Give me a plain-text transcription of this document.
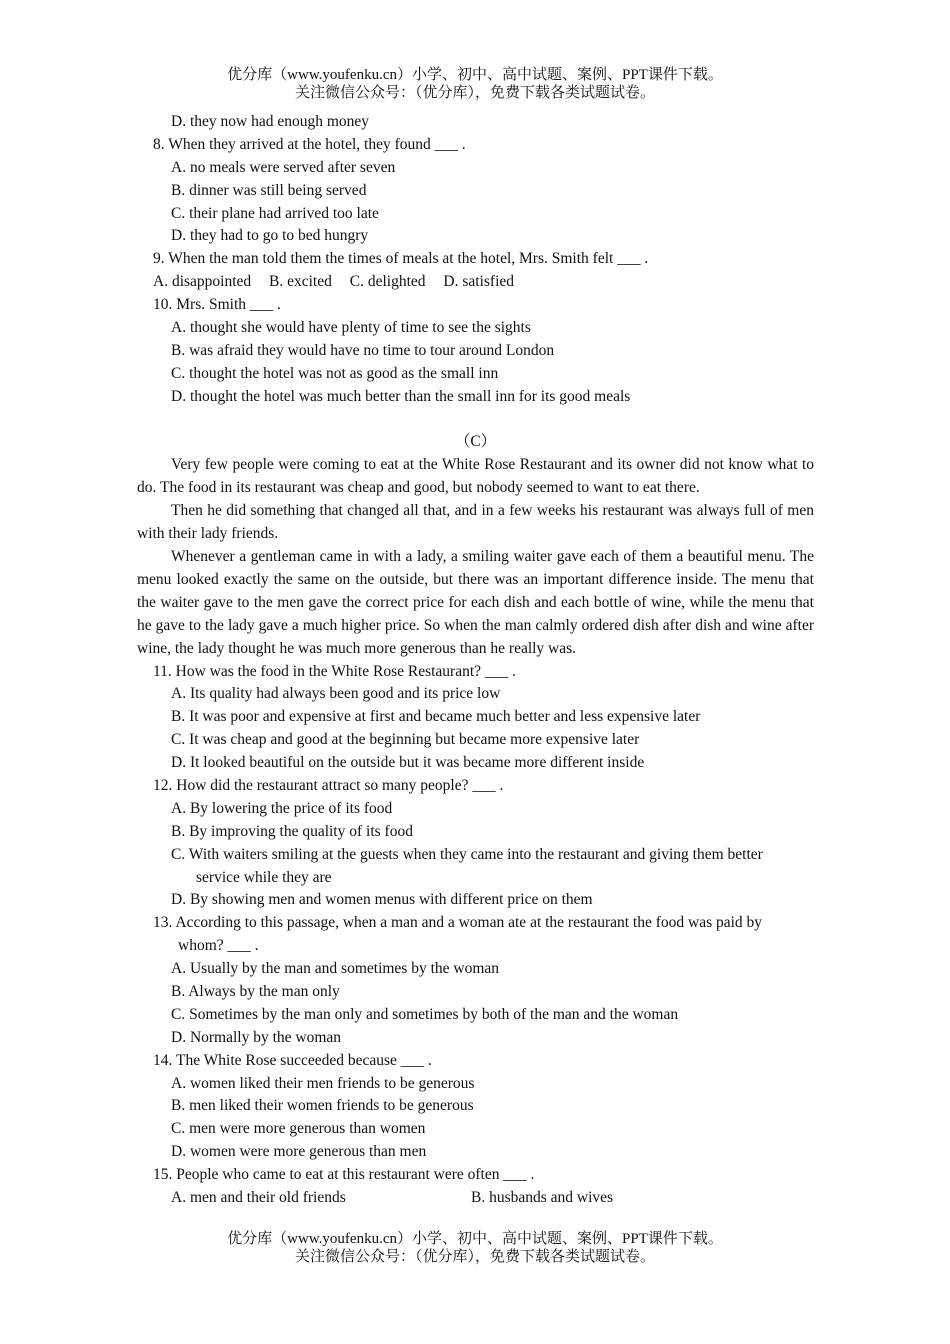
优分库（www.youfenku.cn）小学、初中、高中试题、案例、PPT课件下载。
关注微信公众号：（优分库），免费下载各类试题试卷。
D. they now had enough money
8. When they arrived at the hotel, they found ___ .
A. no meals were served after seven
B. dinner was still being served
C. their plane had arrived too late
D. they had to go to bed hungry
9. When the man told them the times of meals at the hotel, Mrs. Smith felt ___ .
A. disappointed B. excited C. delighted D. satisfied
10. Mrs. Smith ___ .
A. thought she would have plenty of time to see the sights
B. was afraid they would have no time to tour around London
C. thought the hotel was not as good as the small inn
D. thought the hotel was much better than the small inn for its good meals
（C）

Very few people were coming to eat at the White Rose Restaurant and its owner did not know what to do. The food in its restaurant was cheap and good, but nobody seemed to want to eat there.

Then he did something that changed all that, and in a few weeks his restaurant was always full of men with their lady friends.

Whenever a gentleman came in with a lady, a smiling waiter gave each of them a beautiful menu. The menu looked exactly the same on the outside, but there was an important difference inside. The menu that the waiter gave to the men gave the correct price for each dish and each bottle of wine, while the menu that he gave to the lady gave a much higher price. So when the man calmly ordered dish after dish and wine after wine, the lady thought he was much more generous than he really was.

11. How was the food in the White Rose Restaurant? ___ .
A. Its quality had always been good and its price low
B. It was poor and expensive at first and became much better and less expensive later
C. It was cheap and good at the beginning but became more expensive later
D. It looked beautiful on the outside but it was became more different inside
12. How did the restaurant attract so many people? ___ .
A. By lowering the price of its food
B. By improving the quality of its food
C. With waiters smiling at the guests when they came into the restaurant and giving them better
service while they are
D. By showing men and women menus with different price on them
13. According to this passage, when a man and a woman ate at the restaurant the food was paid by
whom? ___ .
A. Usually by the man and sometimes by the woman
B. Always by the man only
C. Sometimes by the man only and sometimes by both of the man and the woman
D. Normally by the woman
14. The White Rose succeeded because ___ .
A. women liked their men friends to be generous
B. men liked their women friends to be generous
C. men were more generous than women
D. women were more generous than men
15. People who came to eat at this restaurant were often ___ .
A. men and their old friends	B. husbands and wives
优分库（www.youfenku.cn）小学、初中、高中试题、案例、PPT课件下载。
关注微信公众号：（优分库），免费下载各类试题试卷。
